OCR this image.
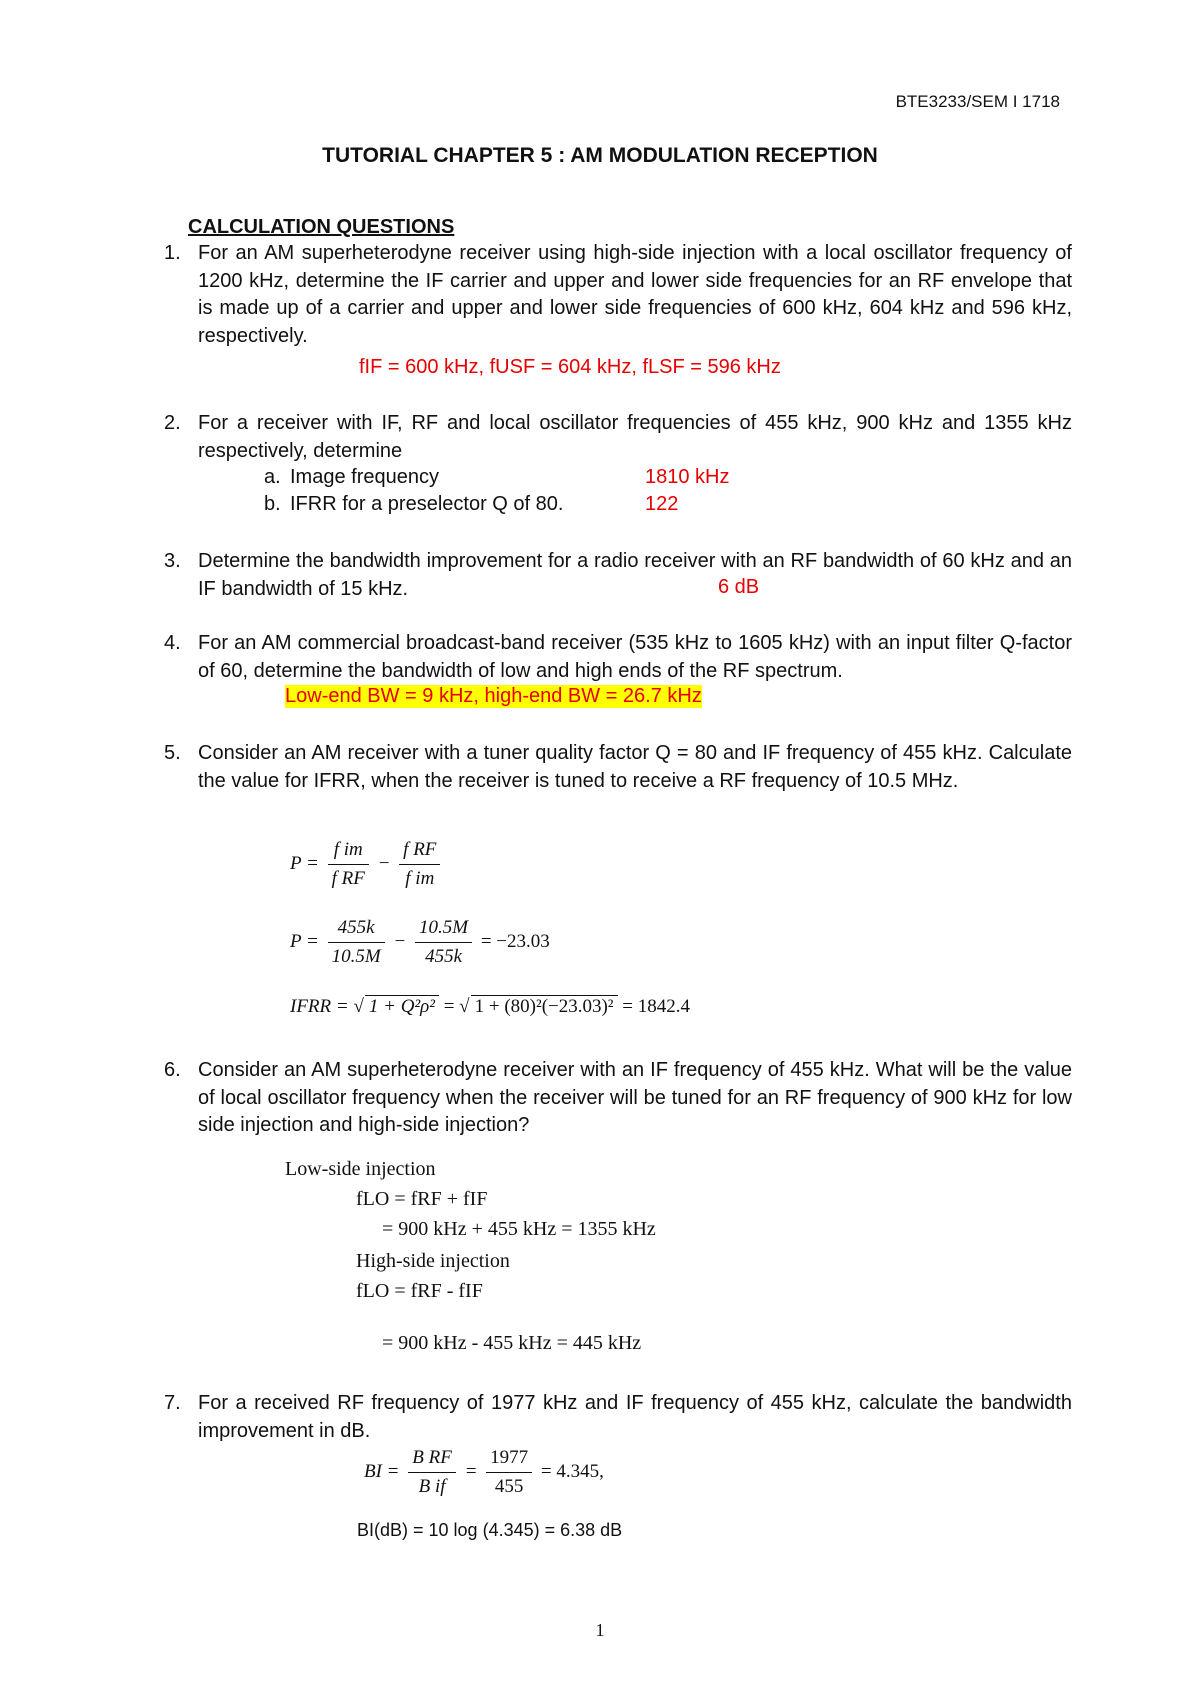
BTE3233/SEM I 1718
TUTORIAL CHAPTER 5 : AM MODULATION RECEPTION
CALCULATION QUESTIONS
1. For an AM superheterodyne receiver using high-side injection with a local oscillator frequency of 1200 kHz, determine the IF carrier and upper and lower side frequencies for an RF envelope that is made up of a carrier and upper and lower side frequencies of 600 kHz, 604 kHz and 596 kHz, respectively.
fIF = 600 kHz, fUSF = 604 kHz, fLSF = 596 kHz
2. For a receiver with IF, RF and local oscillator frequencies of 455 kHz, 900 kHz and 1355 kHz respectively, determine
a. Image frequency	1810 kHz
b. IFRR for a preselector Q of 80.	122
3. Determine the bandwidth improvement for a radio receiver with an RF bandwidth of 60 kHz and an IF bandwidth of 15 kHz.	6 dB
4. For an AM commercial broadcast-band receiver (535 kHz to 1605 kHz) with an input filter Q-factor of 60, determine the bandwidth of low and high ends of the RF spectrum.
Low-end BW = 9 kHz, high-end BW = 26.7 kHz
5. Consider an AM receiver with a tuner quality factor Q = 80 and IF frequency of 455 kHz. Calculate the value for IFRR, when the receiver is tuned to receive a RF frequency of 10.5 MHz.
$P = \frac{\text{f im}}{\text{f RF}} - \frac{\text{f RF}}{\text{f im}}$
$P = \frac{455k}{10.5M} - \frac{10.5M}{455k} = -23.03$
IFRR = √ 1 + Q²ρ² = √ 1 + (80)²(−23.03)² = 1842.4
6. Consider an AM superheterodyne receiver with an IF frequency of 455 kHz. What will be the value of local oscillator frequency when the receiver will be tuned for an RF frequency of 900 kHz for low side injection and high-side injection?
Low-side injection
fLO = fRF + fIF
= 900 kHz + 455 kHz = 1355 kHz
High-side injection
fLO = fRF - fIF
= 900 kHz - 455 kHz = 445 kHz
7. For a received RF frequency of 1977 kHz and IF frequency of 455 kHz, calculate the bandwidth improvement in dB.
BI = $\frac{\text{B RF}}{\text{B if}} = \frac{1977}{455} = 4.345$,
BI(dB) = 10 log (4.345) = 6.38 dB
1
